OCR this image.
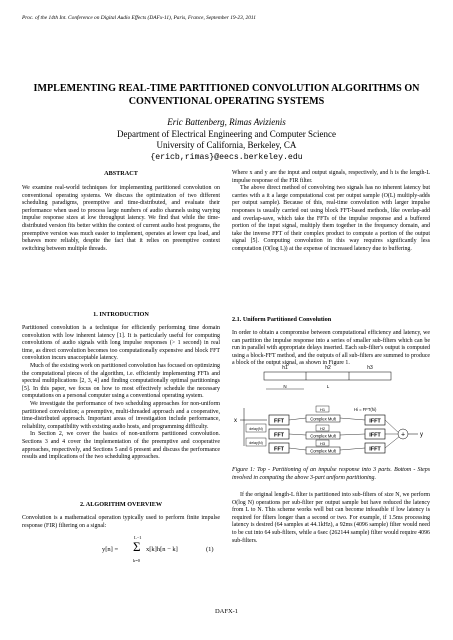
Proc. of the 14th Int. Conference on Digital Audio Effects (DAFx-11), Paris, France, September 19-23, 2011
IMPLEMENTING REAL-TIME PARTITIONED CONVOLUTION ALGORITHMS ON
CONVENTIONAL OPERATING SYSTEMS
Eric Battenberg, Rimas Avizienis
Department of Electrical Engineering and Computer Science
University of California, Berkeley, CA
{ericb,rimas}@eecs.berkeley.edu
ABSTRACT

We examine real-world techniques for implementing partitioned convolution on conventional operating systems. We discuss the optimization of two different scheduling paradigms, preemptive and time-distributed, and evaluate their performance when used to process large numbers of audio channels using varying impulse response sizes at low throughput latency. We find that while the time-distributed version fits better within the context of current audio host programs, the preemptive version was much easier to implement, operates at lower cpu load, and behaves more reliably, despite the fact that it relies on preemptive context switching between multiple threads.

1. INTRODUCTION

Partitioned convolution is a technique for efficiently performing time domain convolution with low inherent latency [1]. It is particularly useful for computing convolutions of audio signals with long impulse responses (> 1 second) in real time, as direct convolution becomes too computationally expensive and block FFT convolution incurs unacceptable latency.

Much of the existing work on partitioned convolution has focused on optimizing the computational pieces of the algorithm, i.e. efficiently implementing FFTs and spectral multiplications [2, 3, 4] and finding computationally optimal partitionings [5]. In this paper, we focus on how to most effectively schedule the necessary computations on a personal computer using a conventional operating system.

We investigate the performance of two scheduling approaches for non-uniform partitioned convolution; a preemptive, multi-threaded approach and a cooperative, time-distributed approach. Important areas of investigation include performance, reliability, compatibility with existing audio hosts, and programming difficulty.

In Section 2, we cover the basics of non-uniform partitioned convolution. Sections 3 and 4 cover the implementation of the preemptive and cooperative approaches, respectively, and Sections 5 and 6 present and discuss the performance results and implications of the two scheduling approaches.

2. ALGORITHM OVERVIEW

Convolution is a mathematical operation typically used to perform finite impulse response (FIR) filtering on a signal:

y[n] =
L−1
Σ
k=0
x[k]h[n − k]	(1)

Where x and y are the input and output signals, respectively, and h is the length-L impulse response of the FIR filter.

The above direct method of convolving two signals has no inherent latency but carries with a it a large computational cost per output sample (O(L) multiply-adds per output sample). Because of this, real-time convolution with larger impulse responses is usually carried out using block FFT-based methods, like overlap-add and overlap-save, which take the FFTs of the impulse response and a buffered portion of the input signal, multiply them together in the frequency domain, and take the inverse FFT of their complex product to compute a portion of the output signal [5]. Computing convolution in this way requires significantly less computation (O(log L)) at the expense of increased latency due to buffering.

2.1. Uniform Partitioned Convolution

In order to obtain a compromise between computational efficiency and latency, we can partition the impulse response into a series of smaller sub-filters which can be run in parallel with appropriate delays inserted. Each sub-filter's output is computed using a block-FFT method, and the outputs of all sub-filters are summed to produce a block of the output signal, as shown in Figure 1.

h1	h2	h3
N	L
x
delay(N)
delay(N)
FFT
FFT
FFT
H1	Hi = FFT(hi)
H2
H3
Complex Mult
Complex Mult
Complex Mult
IFFT
IFFT
IFFT
+ y

Figure 1: Top - Partitioning of an impulse response into 3 parts. Bottom - Steps involved in computing the above 3-part uniform partitioning.

If the original length-L filter is partitioned into sub-filters of size N, we perform O(log N) operations per sub-filter per output sample but have reduced the latency from L to N. This scheme works well but can become infeasible if low latency is required for filters longer than a second or two. For example, if 1.5ms processing latency is desired (64 samples at 44.1kHz), a 92ms (4096 sample) filter would need to be cut into 64 sub-filters, while a 6sec (262144 sample) filter would require 4096 sub-filters.

DAFX-1
